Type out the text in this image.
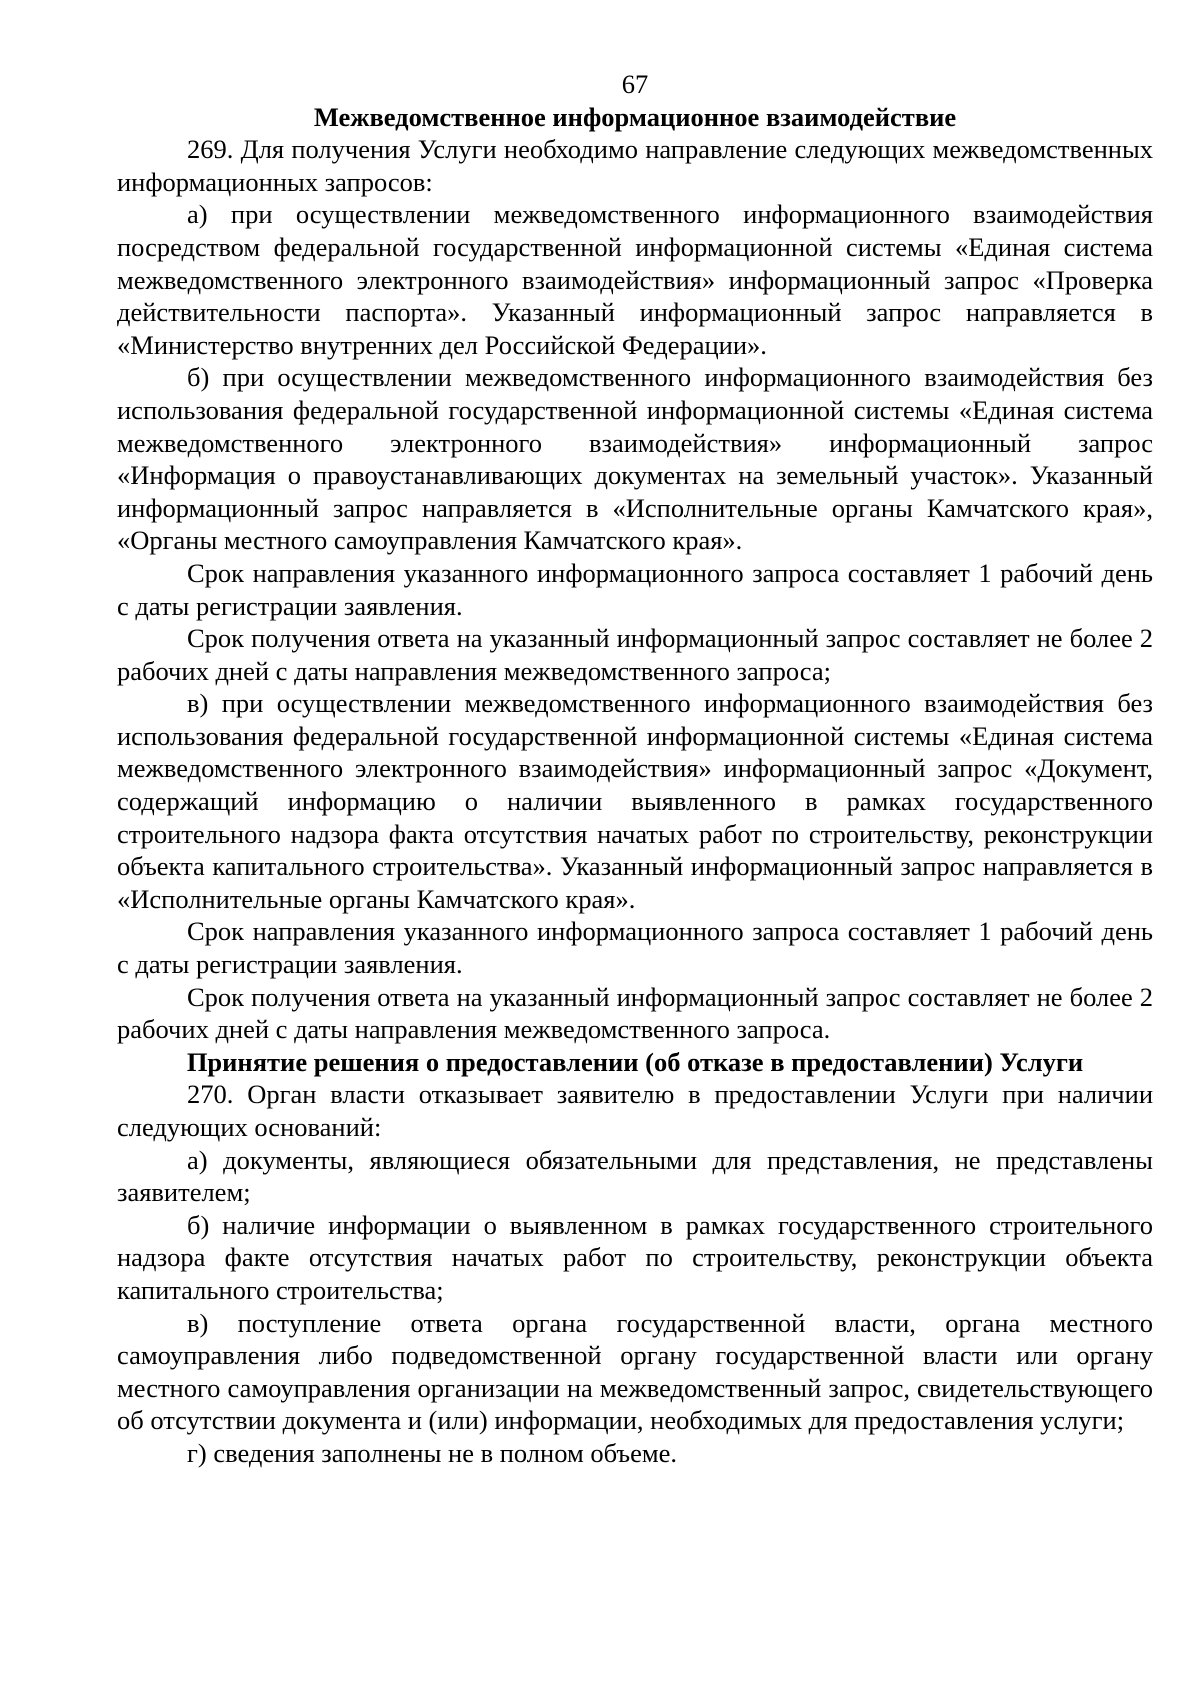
67

Межведомственное информационное взаимодействие

269. Для получения Услуги необходимо направление следующих межведомственных информационных запросов:

а) при осуществлении межведомственного информационного взаимодействия посредством федеральной государственной информационной системы «Единая система межведомственного электронного взаимодействия» информационный запрос «Проверка действительности паспорта». Указанный информационный запрос направляется в «Министерство внутренних дел Российской Федерации».

б) при осуществлении межведомственного информационного взаимодействия без использования федеральной государственной информационной системы «Единая система межведомственного электронного взаимодействия» информационный запрос «Информация о правоустанавливающих документах на земельный участок». Указанный информационный запрос направляется в «Исполнительные органы Камчатского края», «Органы местного самоуправления Камчатского края».

Срок направления указанного информационного запроса составляет 1 рабочий день с даты регистрации заявления.

Срок получения ответа на указанный информационный запрос составляет не более 2 рабочих дней с даты направления межведомственного запроса;

в) при осуществлении межведомственного информационного взаимодействия без использования федеральной государственной информационной системы «Единая система межведомственного электронного взаимодействия» информационный запрос «Документ, содержащий информацию о наличии выявленного в рамках государственного строительного надзора факта отсутствия начатых работ по строительству, реконструкции объекта капитального строительства». Указанный информационный запрос направляется в «Исполнительные органы Камчатского края».

Срок направления указанного информационного запроса составляет 1 рабочий день с даты регистрации заявления.

Срок получения ответа на указанный информационный запрос составляет не более 2 рабочих дней с даты направления межведомственного запроса.

Принятие решения о предоставлении (об отказе в предоставлении) Услуги

270. Орган власти отказывает заявителю в предоставлении Услуги при наличии следующих оснований:

а) документы, являющиеся обязательными для представления, не представлены заявителем;

б) наличие информации о выявленном в рамках государственного строительного надзора факте отсутствия начатых работ по строительству, реконструкции объекта капитального строительства;

в) поступление ответа органа государственной власти, органа местного самоуправления либо подведомственной органу государственной власти или органу местного самоуправления организации на межведомственный запрос, свидетельствующего об отсутствии документа и (или) информации, необходимых для предоставления услуги;

г) сведения заполнены не в полном объеме.
